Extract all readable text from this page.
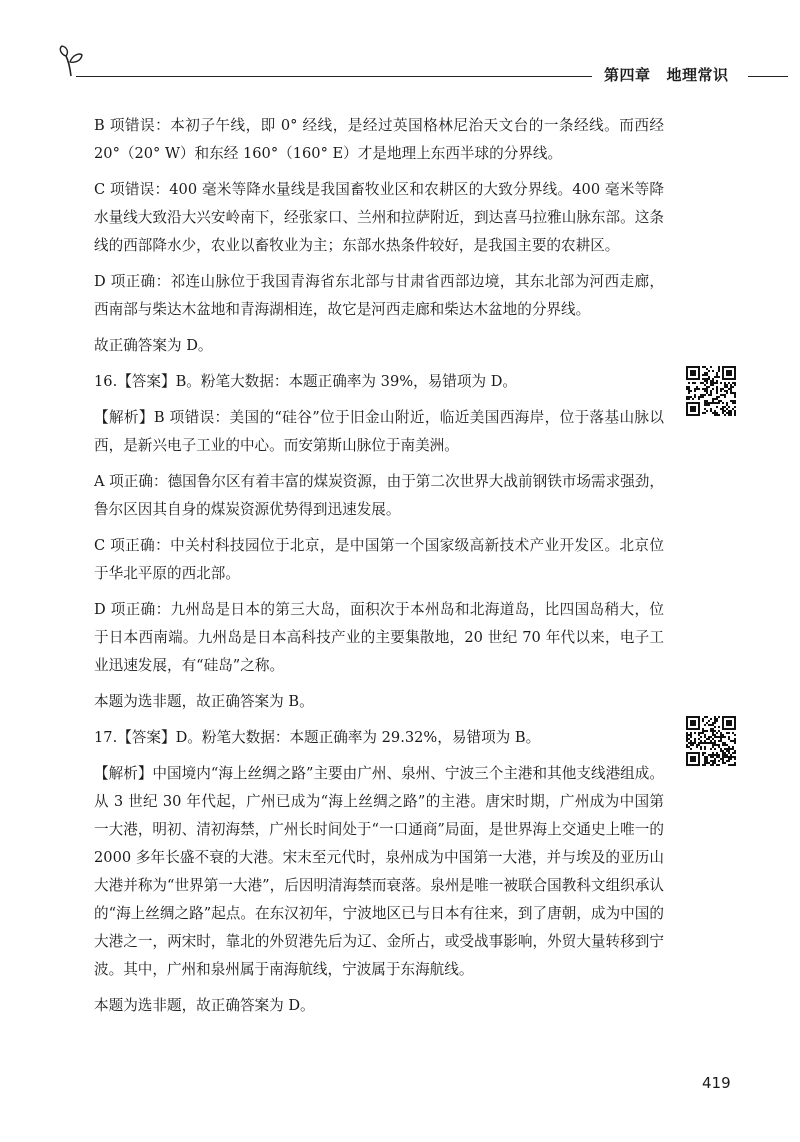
第四章 地理常识

B 项错误：本初子午线，即 0° 经线，是经过英国格林尼治天文台的一条经线。而西经 20°（20° W）和东经 160°（160° E）才是地理上东西半球的分界线。

C 项错误：400 毫米等降水量线是我国畜牧业区和农耕区的大致分界线。400 毫米等降水量线大致沿大兴安岭南下，经张家口、兰州和拉萨附近，到达喜马拉雅山脉东部。这条线的西部降水少，农业以畜牧业为主；东部水热条件较好，是我国主要的农耕区。

D 项正确：祁连山脉位于我国青海省东北部与甘肃省西部边境，其东北部为河西走廊，西南部与柴达木盆地和青海湖相连，故它是河西走廊和柴达木盆地的分界线。

故正确答案为 D。

16.【答案】B。粉笔大数据：本题正确率为 39%，易错项为 D。

【解析】B 项错误：美国的“硅谷”位于旧金山附近，临近美国西海岸，位于落基山脉以西，是新兴电子工业的中心。而安第斯山脉位于南美洲。

A 项正确：德国鲁尔区有着丰富的煤炭资源，由于第二次世界大战前钢铁市场需求强劲，鲁尔区因其自身的煤炭资源优势得到迅速发展。

C 项正确：中关村科技园位于北京，是中国第一个国家级高新技术产业开发区。北京位于华北平原的西北部。

D 项正确：九州岛是日本的第三大岛，面积次于本州岛和北海道岛，比四国岛稍大，位于日本西南端。九州岛是日本高科技产业的主要集散地，20 世纪 70 年代以来，电子工业迅速发展，有“硅岛”之称。

本题为选非题，故正确答案为 B。

17.【答案】D。粉笔大数据：本题正确率为 29.32%，易错项为 B。

【解析】中国境内“海上丝绸之路”主要由广州、泉州、宁波三个主港和其他支线港组成。从 3 世纪 30 年代起，广州已成为“海上丝绸之路”的主港。唐宋时期，广州成为中国第一大港，明初、清初海禁，广州长时间处于“一口通商”局面，是世界海上交通史上唯一的 2000 多年长盛不衰的大港。宋末至元代时，泉州成为中国第一大港，并与埃及的亚历山大港并称为“世界第一大港”，后因明清海禁而衰落。泉州是唯一被联合国教科文组织承认的“海上丝绸之路”起点。在东汉初年，宁波地区已与日本有往来，到了唐朝，成为中国的大港之一，两宋时，靠北的外贸港先后为辽、金所占，或受战事影响，外贸大量转移到宁波。其中，广州和泉州属于南海航线，宁波属于东海航线。

本题为选非题，故正确答案为 D。

419
